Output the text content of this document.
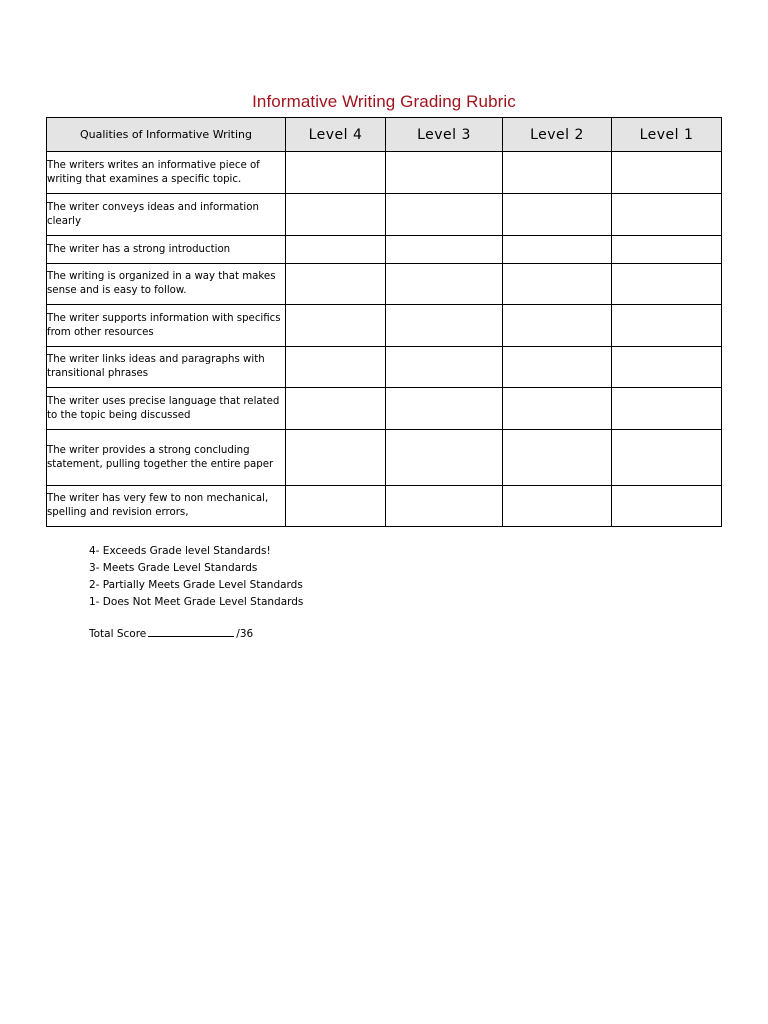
Informative Writing Grading Rubric
Qualities of Informative Writing	Level 4	Level 3	Level 2	Level 1
The writers writes an informative piece of writing that examines a specific topic.				
The writer conveys ideas and information clearly				
The writer has a strong introduction				
The writing is organized in a way that makes sense and is easy to follow.				
The writer supports information with specifics from other resources				
The writer links ideas and paragraphs with transitional phrases				
The writer uses precise language that related to the topic being discussed				
The writer provides a strong concluding statement, pulling together the entire paper				
The writer has very few to non mechanical, spelling and revision errors,				
4- Exceeds Grade level Standards!
3- Meets Grade Level Standards
2- Partially Meets Grade Level Standards
1- Does Not Meet Grade Level Standards
Total Score	/36
